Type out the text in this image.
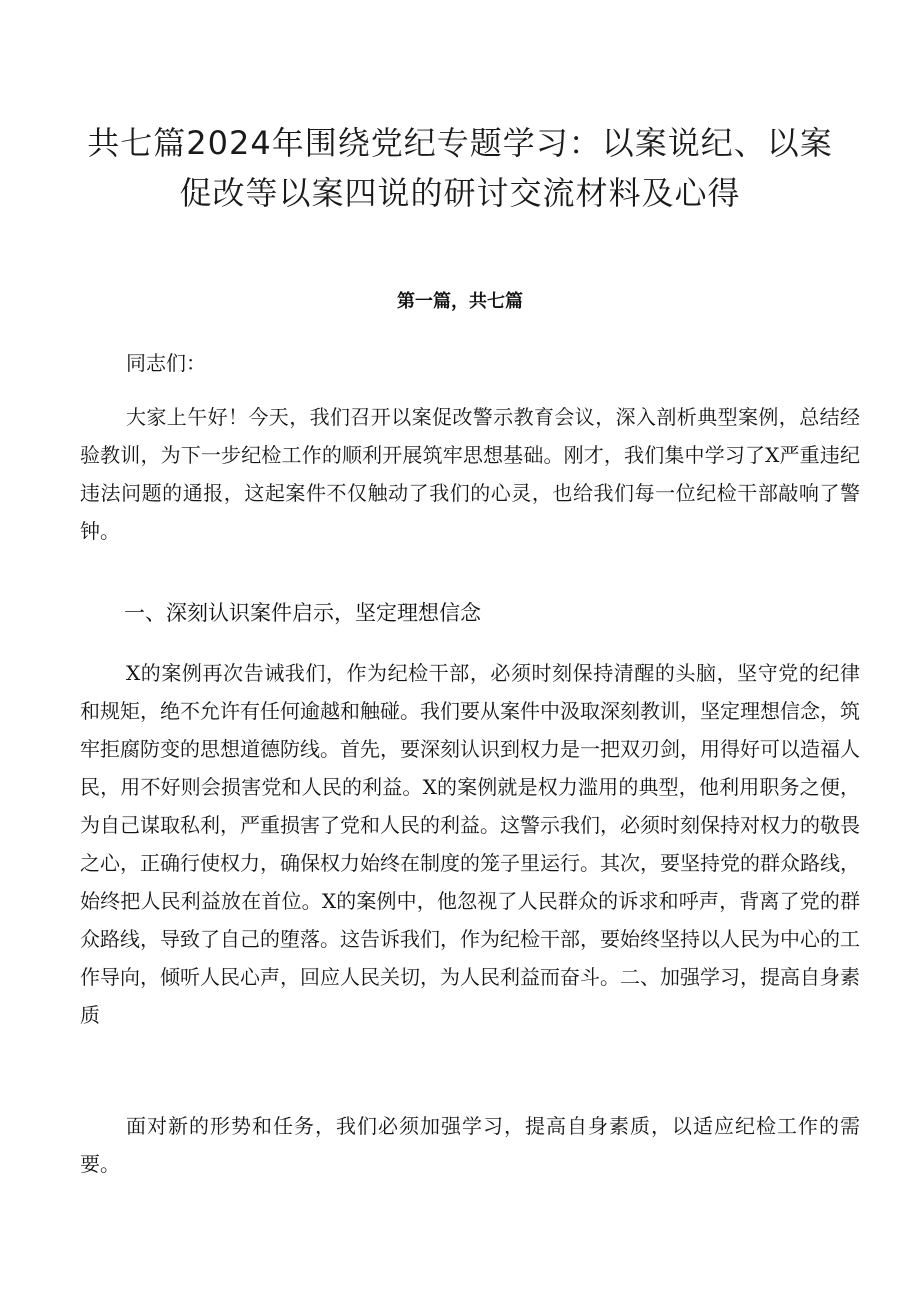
共七篇2024年围绕党纪专题学习：以案说纪、以案
促改等以案四说的研讨交流材料及心得
第一篇，共七篇
同志们：
大家上午好！今天，我们召开以案促改警示教育会议，深入剖析典型案例，总结经验教训，为下一步纪检工作的顺利开展筑牢思想基础。刚才，我们集中学习了X严重违纪违法问题的通报，这起案件不仅触动了我们的心灵，也给我们每一位纪检干部敲响了警钟。
一、深刻认识案件启示，坚定理想信念
X的案例再次告诫我们，作为纪检干部，必须时刻保持清醒的头脑，坚守党的纪律和规矩，绝不允许有任何逾越和触碰。我们要从案件中汲取深刻教训，坚定理想信念，筑牢拒腐防变的思想道德防线。首先，要深刻认识到权力是一把双刃剑，用得好可以造福人民，用不好则会损害党和人民的利益。X的案例就是权力滥用的典型，他利用职务之便，为自己谋取私利，严重损害了党和人民的利益。这警示我们，必须时刻保持对权力的敬畏之心，正确行使权力，确保权力始终在制度的笼子里运行。其次，要坚持党的群众路线，始终把人民利益放在首位。X的案例中，他忽视了人民群众的诉求和呼声，背离了党的群众路线，导致了自己的堕落。这告诉我们，作为纪检干部，要始终坚持以人民为中心的工作导向，倾听人民心声，回应人民关切，为人民利益而奋斗。二、加强学习，提高自身素质
面对新的形势和任务，我们必须加强学习，提高自身素质，以适应纪检工作的需要。
